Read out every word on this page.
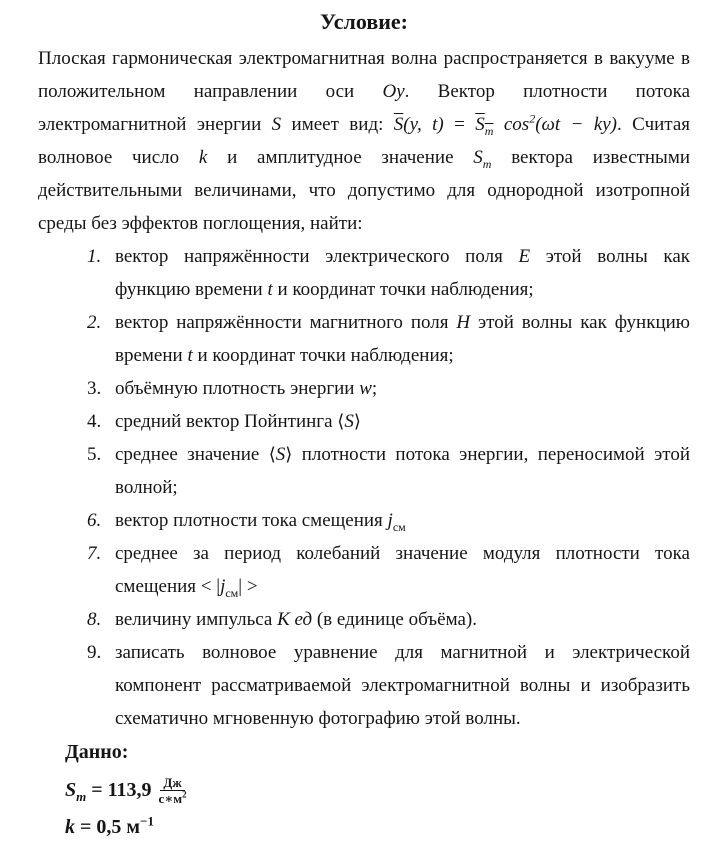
Условие:

Плоская гармоническая электромагнитная волна распространяется в вакууме в положительном направлении оси Oy. Вектор плотности потока электромагнитной энергии S имеет вид: $\overline{S}(y$, $t) = S_m$ $\cos^2(\omega t - ky)$. Считая волновое число k и амплитудное значение $S_m$ вектора известными действительными величинами, что допустимо для однородной изотропной среды без эффектов поглощения, найти:

1. вектор напряжённости электрического поля E этой волны как функцию времени t и координат точки наблюдения;
2. вектор напряжённости магнитного поля H этой волны как функцию времени t и координат точки наблюдения;
3. объёмную плотность энергии w;
4. средний вектор Пойнтинга ⟨S⟩
5. среднее значение ⟨S⟩ плотности потока энергии, переносимой этой волной;
6. вектор плотности тока смещения $j_{см}$
7. среднее за период колебаний значение модуля плотности тока смещения < $|j_{см}|$ >
8. величину импульса K ед (в единице объёма).
9. записать волновое уравнение для магнитной и электрической компонент рассматриваемой электромагнитной волны и изобразить схематично мгновенную фотографию этой волны.

Данно:

$S_m = 113,9 \frac{Дж}{с∗м^2}$
k = 0,5 $м^{-1}$
